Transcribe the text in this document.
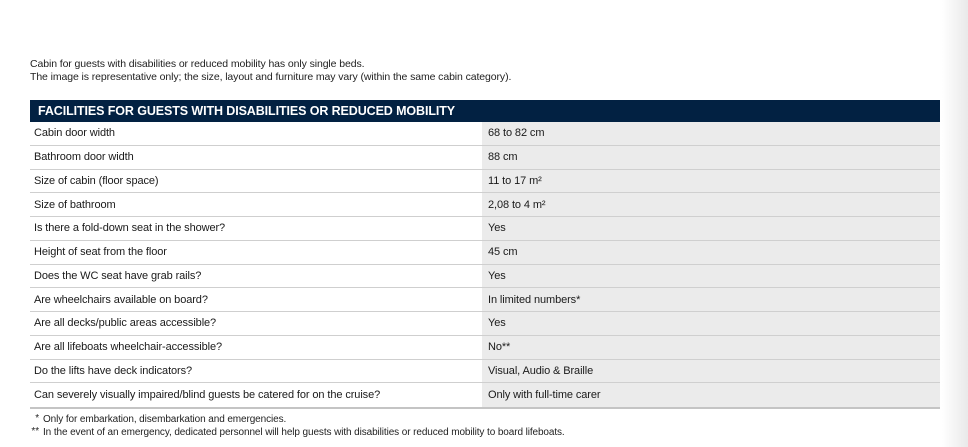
Cabin for guests with disabilities or reduced mobility has only single beds.
The image is representative only; the size, layout and furniture may vary (within the same cabin category).
FACILITIES FOR GUESTS WITH DISABILITIES OR REDUCED MOBILITY
Cabin door width	68 to 82 cm
Bathroom door width	88 cm
Size of cabin (floor space)	11 to 17 m²
Size of bathroom	2,08 to 4 m²
Is there a fold-down seat in the shower?	Yes
Height of seat from the floor	45 cm
Does the WC seat have grab rails?	Yes
Are wheelchairs available on board?	In limited numbers*
Are all decks/public areas accessible?	Yes
Are all lifeboats wheelchair-accessible?	No**
Do the lifts have deck indicators?	Visual, Audio & Braille
Can severely visually impaired/blind guests be catered for on the cruise?	Only with full-time carer
* Only for embarkation, disembarkation and emergencies.
** In the event of an emergency, dedicated personnel will help guests with disabilities or reduced mobility to board lifeboats.
